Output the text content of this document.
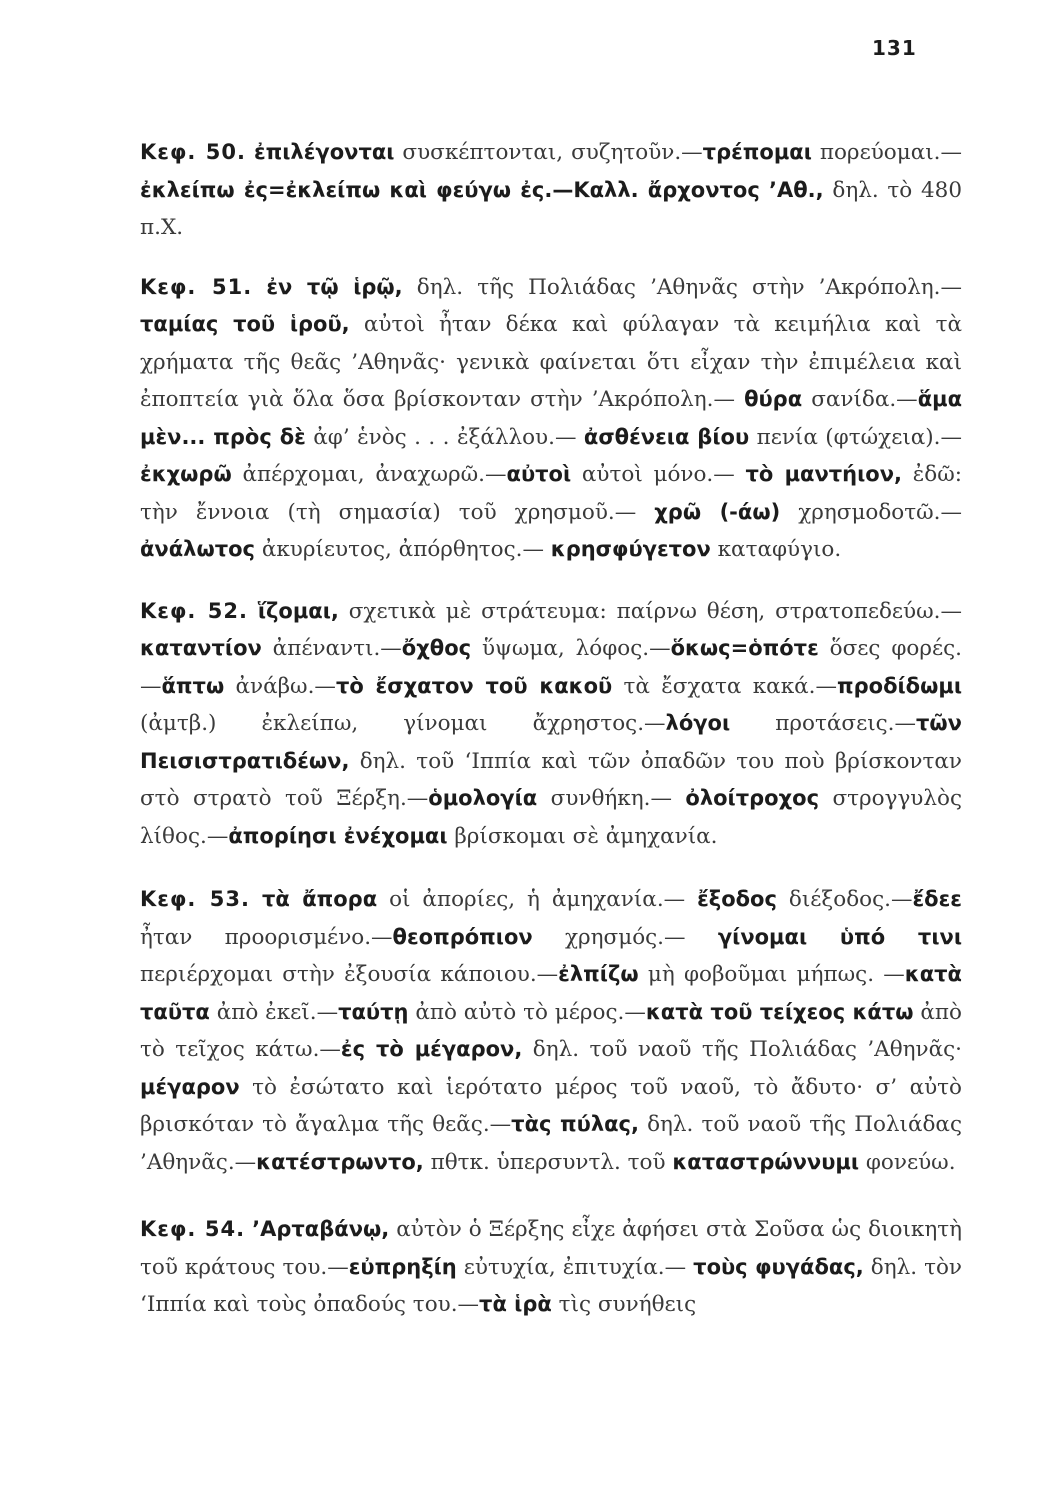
131

Κεφ. 50. ἐπιλέγονται συσκέπτονται, συζητοῦν.—τρέπομαι πορεύομαι.—ἐκλείπω ἐς=ἐκλείπω καὶ φεύγω ἐς.—Καλλ. ἄρχοντος ’Αθ., δηλ. τὸ 480 π.Χ.

Κεφ. 51. ἐν τῷ ἱρῷ, δηλ. τῆς Πολιάδας ’Αθηνᾶς στὴν ’Ακρόπολη.—ταμίας τοῦ ἱροῦ, αὐτοὶ ἦταν δέκα καὶ φύλαγαν τὰ κειμήλια καὶ τὰ χρήματα τῆς θεᾶς ’Αθηνᾶς· γενικὰ φαίνεται ὅτι εἶχαν τὴν ἐπιμέλεια καὶ ἐποπτεία γιὰ ὅλα ὅσα βρίσκονταν στὴν ’Ακρόπολη.— θύρα σανίδα.—ἅμα μὲν... πρὸς δὲ ἀφ’ ἑνὸς . . . ἐξάλλου.— ἀσθένεια βίου πενία (φτώχεια).—ἐκχωρῶ ἀπέρχομαι, ἀναχωρῶ.—αὐτοὶ αὐτοὶ μόνο.— τὸ μαντήιον, ἐδῶ: τὴν ἔννοια (τὴ σημασία) τοῦ χρησμοῦ.— χρῶ (-άω) χρησμοδοτῶ.— ἀνάλωτος ἀκυρίευτος, ἀπόρθητος.— κρησφύγετον καταφύγιο.

Κεφ. 52. ἵζομαι, σχετικὰ μὲ στράτευμα: παίρνω θέση, στρατοπεδεύω.—καταντίον ἀπέναντι.—ὄχθος ὕψωμα, λόφος.—ὅκως=ὁπότε ὅσες φορές.—ἅπτω ἀνάβω.—τὸ ἔσχατον τοῦ κακοῦ τὰ ἔσχατα κακά.—προδίδωμι (ἀμτβ.) ἐκλείπω, γίνομαι ἄχρηστος.—λόγοι προτάσεις.—τῶν Πεισιστρατιδέων, δηλ. τοῦ ‘Ιππία καὶ τῶν ὀπαδῶν του ποὺ βρίσκονταν στὸ στρατὸ τοῦ Ξέρξη.—ὁμολογία συνθήκη.— ὀλοίτροχος στρογγυλὸς λίθος.—ἀπορίησι ἐνέχομαι βρίσκομαι σὲ ἀμηχανία.

Κεφ. 53. τὰ ἄπορα οἱ ἀπορίες, ἡ ἀμηχανία.— ἔξοδος διέξοδος.—ἔδεε ἦταν προορισμένο.—θεοπρόπιον χρησμός.— γίνομαι ὑπό τινι περιέρχομαι στὴν ἐξουσία κάποιου.—ἐλπίζω μὴ φοβοῦμαι μήπως. —κατὰ ταῦτα ἀπὸ ἐκεῖ.—ταύτῃ ἀπὸ αὐτὸ τὸ μέρος.—κατὰ τοῦ τείχεος κάτω ἀπὸ τὸ τεῖχος κάτω.—ἐς τὸ μέγαρον, δηλ. τοῦ ναοῦ τῆς Πολιάδας ’Αθηνᾶς· μέγαρον τὸ ἐσώτατο καὶ ἱερότατο μέρος τοῦ ναοῦ, τὸ ἄδυτο· σ’ αὐτὸ βρισκόταν τὸ ἄγαλμα τῆς θεᾶς.—τὰς πύλας, δηλ. τοῦ ναοῦ τῆς Πολιάδας ’Αθηνᾶς.—κατέστρωντο, πθτκ. ὑπερσυντλ. τοῦ καταστρώννυμι φονεύω.

Κεφ. 54. ’Αρταβάνῳ, αὐτὸν ὁ Ξέρξης εἶχε ἀφήσει στὰ Σοῦσα ὡς διοικητὴ τοῦ κράτους του.—εὐπρηξίη εὐτυχία, ἐπιτυχία.— τοὺς φυγάδας, δηλ. τὸν ‘Ιππία καὶ τοὺς ὀπαδούς του.—τὰ ἱρὰ τὶς συνήθεις
